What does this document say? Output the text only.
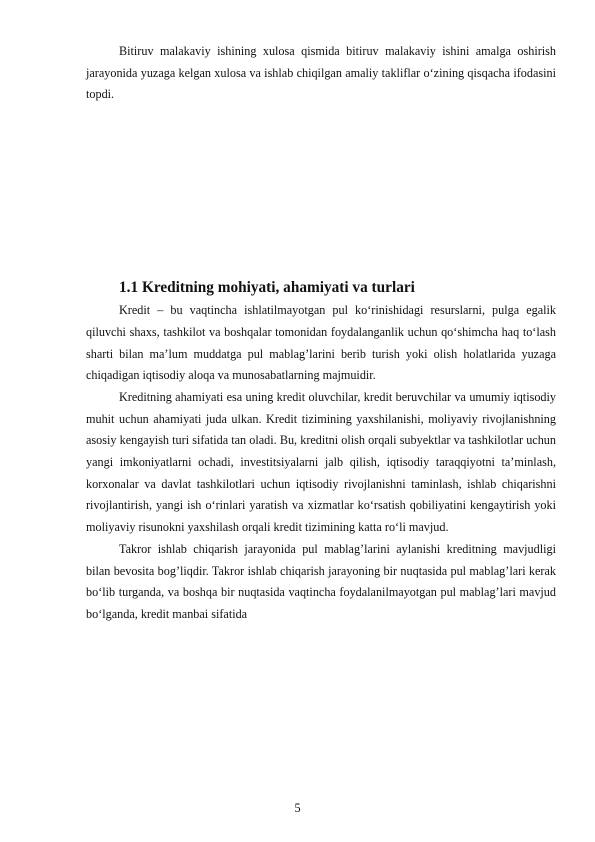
Bitiruv malakaviy ishining xulosa qismida bitiruv malakaviy ishini amalga oshirish jarayonida yuzaga kelgan xulosa va ishlab chiqilgan amaliy takliflar o‘zining qisqacha ifodasini topdi.

1.1 Kreditning mohiyati, ahamiyati va turlari

Kredit – bu vaqtincha ishlatilmayotgan pul ko‘rinishidagi resurslarni, pulga egalik qiluvchi shaxs, tashkilot va boshqalar tomonidan foydalanganlik uchun qo‘shimcha haq to‘lash sharti bilan ma’lum muddatga pul mablag’larini berib turish yoki olish holatlarida yuzaga chiqadigan iqtisodiy aloqa va munosabatlarning majmuidir.

Kreditning ahamiyati esa uning kredit oluvchilar, kredit beruvchilar va umumiy iqtisodiy muhit uchun ahamiyati juda ulkan. Kredit tizimining yaxshilanishi, moliyaviy rivojlanishning asosiy kengayish turi sifatida tan oladi. Bu, kreditni olish orqali subyektlar va tashkilotlar uchun yangi imkoniyatlarni ochadi, investitsiyalarni jalb qilish, iqtisodiy taraqqiyotni ta’minlash, korxonalar va davlat tashkilotlari uchun iqtisodiy rivojlanishni taminlash, ishlab chiqarishni rivojlantirish, yangi ish o‘rinlari yaratish va xizmatlar ko‘rsatish qobiliyatini kengaytirish yoki moliyaviy risunokni yaxshilash orqali kredit tizimining katta ro‘li mavjud.

Takror ishlab chiqarish jarayonida pul mablag’larini aylanishi kreditning mavjudligi bilan bevosita bog’liqdir. Takror ishlab chiqarish jarayoning bir nuqtasida pul mablag’lari kerak bo‘lib turganda, va boshqa bir nuqtasida vaqtincha foydalanilmayotgan pul mablag’lari mavjud bo‘lganda, kredit manbai sifatida

5
